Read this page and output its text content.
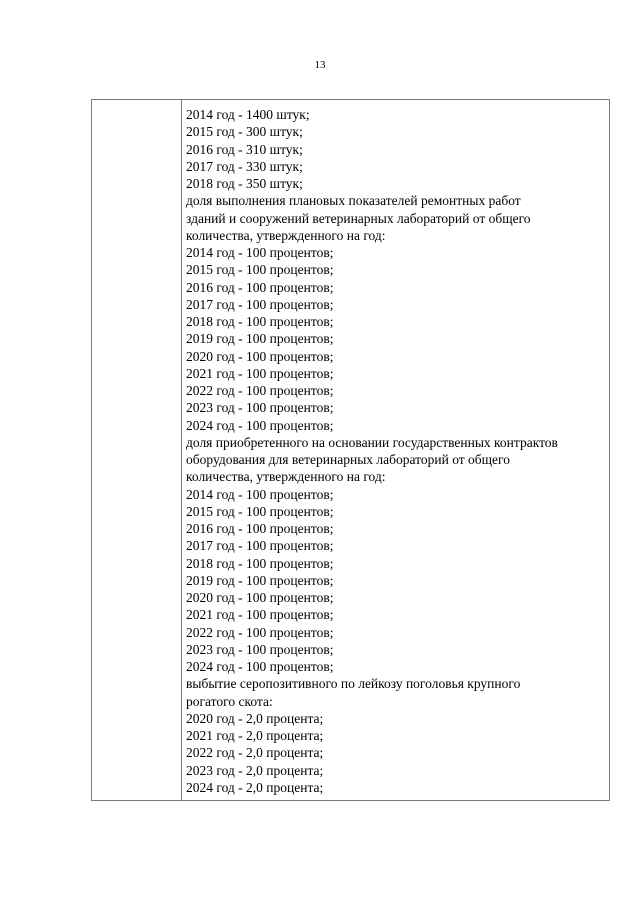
13
2014 год - 1400 штук;
2015 год - 300 штук;
2016 год - 310 штук;
2017 год - 330 штук;
2018 год - 350 штук;
доля выполнения плановых показателей ремонтных работ
зданий и сооружений ветеринарных лабораторий от общего
количества, утвержденного на год:
2014 год - 100 процентов;
2015 год - 100 процентов;
2016 год - 100 процентов;
2017 год - 100 процентов;
2018 год - 100 процентов;
2019 год - 100 процентов;
2020 год - 100 процентов;
2021 год - 100 процентов;
2022 год - 100 процентов;
2023 год - 100 процентов;
2024 год - 100 процентов;
доля приобретенного на основании государственных контрактов
оборудования для ветеринарных лабораторий от общего
количества, утвержденного на год:
2014 год - 100 процентов;
2015 год - 100 процентов;
2016 год - 100 процентов;
2017 год - 100 процентов;
2018 год - 100 процентов;
2019 год - 100 процентов;
2020 год - 100 процентов;
2021 год - 100 процентов;
2022 год - 100 процентов;
2023 год - 100 процентов;
2024 год - 100 процентов;
выбытие серопозитивного по лейкозу поголовья крупного
рогатого скота:
2020 год - 2,0 процента;
2021 год - 2,0 процента;
2022 год - 2,0 процента;
2023 год - 2,0 процента;
2024 год - 2,0 процента;
